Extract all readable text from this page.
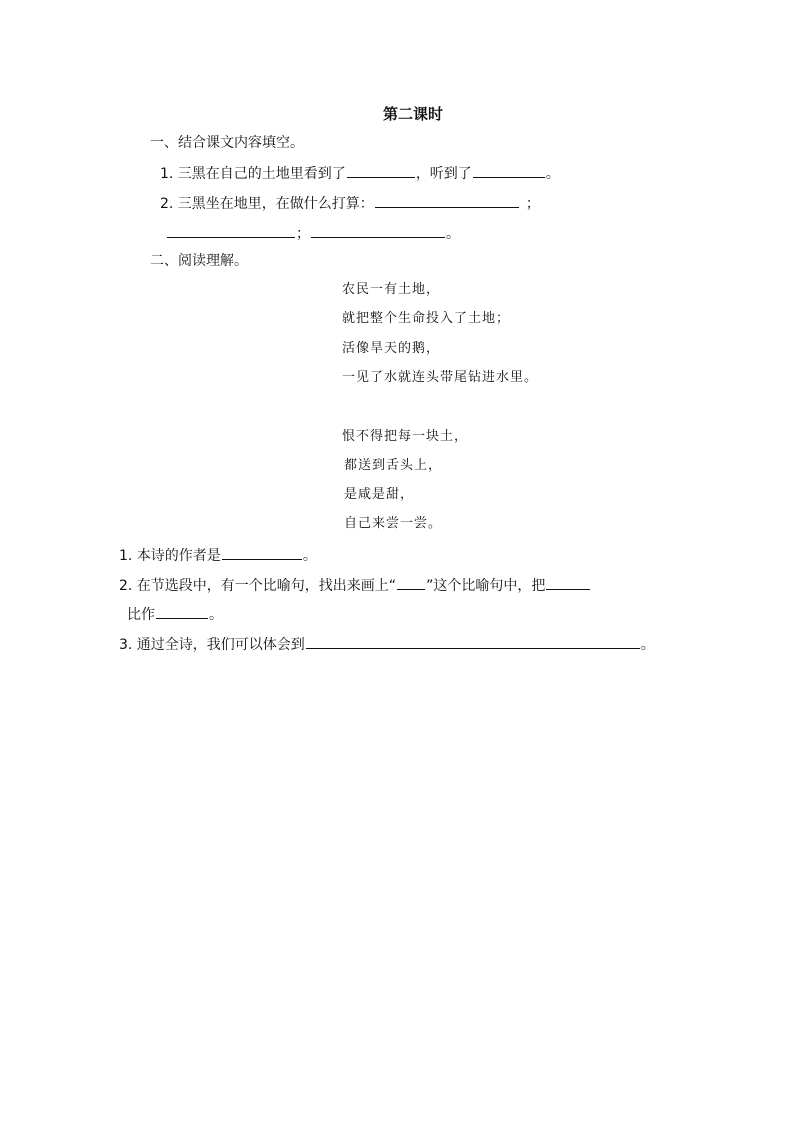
第二课时
一、结合课文内容填空。
1. 三黑在自己的土地里看到了	，听到了	。
2. 三黑坐在地里，在做什么打算：	；
；	。
二、阅读理解。
农民一有土地，
就把整个生命投入了土地；
活像旱天的鹅，
一见了水就连头带尾钻进水里。
恨不得把每一块土，
都送到舌头上，
是咸是甜，
自己来尝一尝。
1. 本诗的作者是	。
2. 在节选段中，有一个比喻句，找出来画上“ ”这个比喻句中，把
比作	。
3. 通过全诗，我们可以体会到	。
